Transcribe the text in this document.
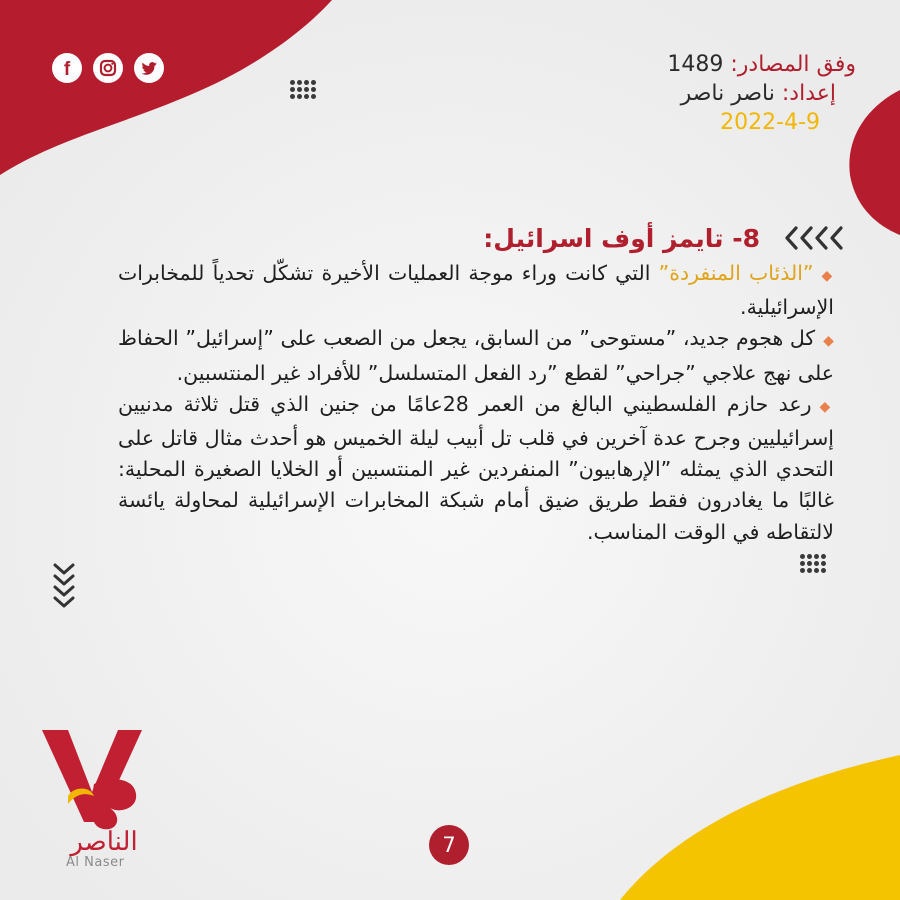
f	وفق المصادر: 1489
إعداد: ناصر ناصر
2022-4-9
8- تايمز أوف اسرائيل:

◆”الذئاب المنفردة” التي كانت وراء موجة العمليات الأخيرة تشكّل تحدياً للمخابرات الإسرائيلية.

◆كل هجوم جديد، ”مستوحى” من السابق، يجعل من الصعب على ”إسرائيل” الحفاظ على نهج علاجي ”جراحي” لقطع ”رد الفعل المتسلسل” للأفراد غير المنتسبين.

◆رعد حازم الفلسطيني البالغ من العمر 28عامًا من جنين الذي قتل ثلاثة مدنيين إسرائيليين وجرح عدة آخرين في قلب تل أبيب ليلة الخميس هو أحدث مثال قاتل على التحدي الذي يمثله ”الإرهابيون” المنفردين غير المنتسبين أو الخلايا الصغيرة المحلية: غالبًا ما يغادرون فقط طريق ضيق أمام شبكة المخابرات الإسرائيلية لمحاولة يائسة لالتقاطه في الوقت المناسب.

الناصر
Al Naser
7
